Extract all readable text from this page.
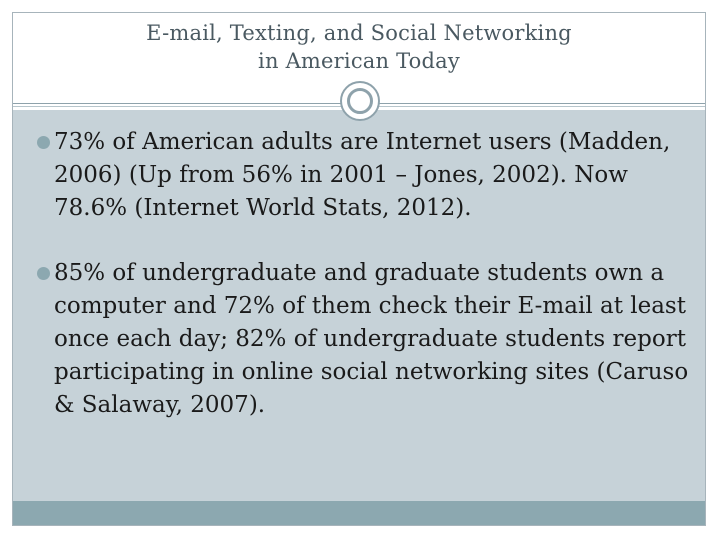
E-mail, Texting, and Social Networking
in American Today
73% of American adults are Internet users (Madden, 2006) (Up from 56% in 2001 – Jones, 2002). Now 78.6% (Internet World Stats, 2012).
85% of undergraduate and graduate students own a computer and 72% of them check their E-mail at least once each day; 82% of undergraduate students report participating in online social networking sites (Caruso & Salaway, 2007).
